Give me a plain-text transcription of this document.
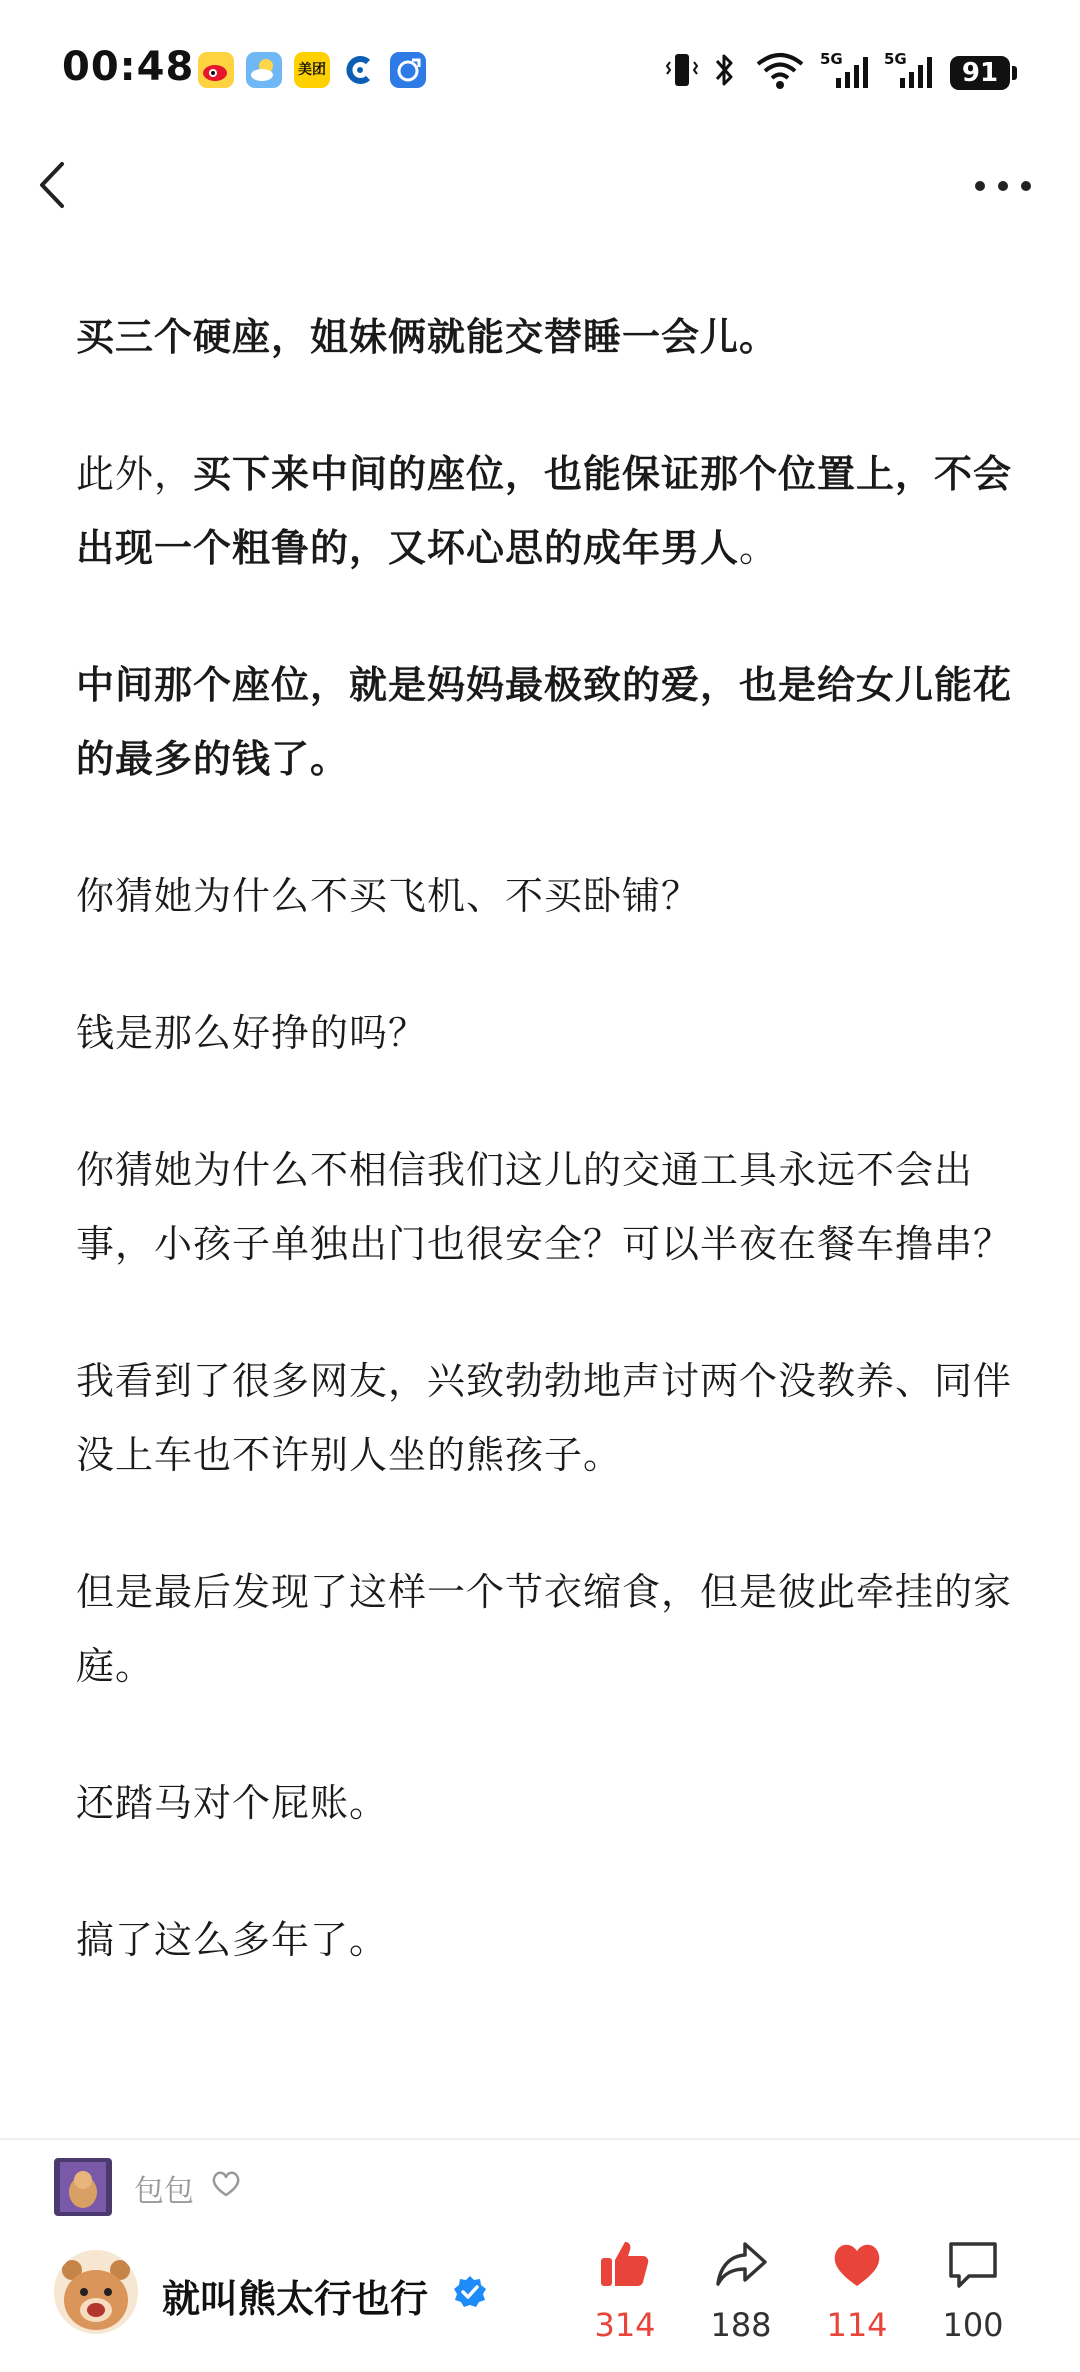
00:48	美团
5G	5G	91

买三个硬座，姐妹俩就能交替睡一会儿。

此外，买下来中间的座位，也能保证那个位置上，不会出现一个粗鲁的，又坏心思的成年男人。

中间那个座位，就是妈妈最极致的爱，也是给女儿能花的最多的钱了。

你猜她为什么不买飞机、不买卧铺？

钱是那么好挣的吗？

你猜她为什么不相信我们这儿的交通工具永远不会出事，小孩子单独出门也很安全？可以半夜在餐车撸串？

我看到了很多网友，兴致勃勃地声讨两个没教养、同伴没上车也不许别人坐的熊孩子。

但是最后发现了这样一个节衣缩食，但是彼此牵挂的家庭。

还踏马对个屁账。

搞了这么多年了。

包包
就叫熊太行也行
314	188	114	100
